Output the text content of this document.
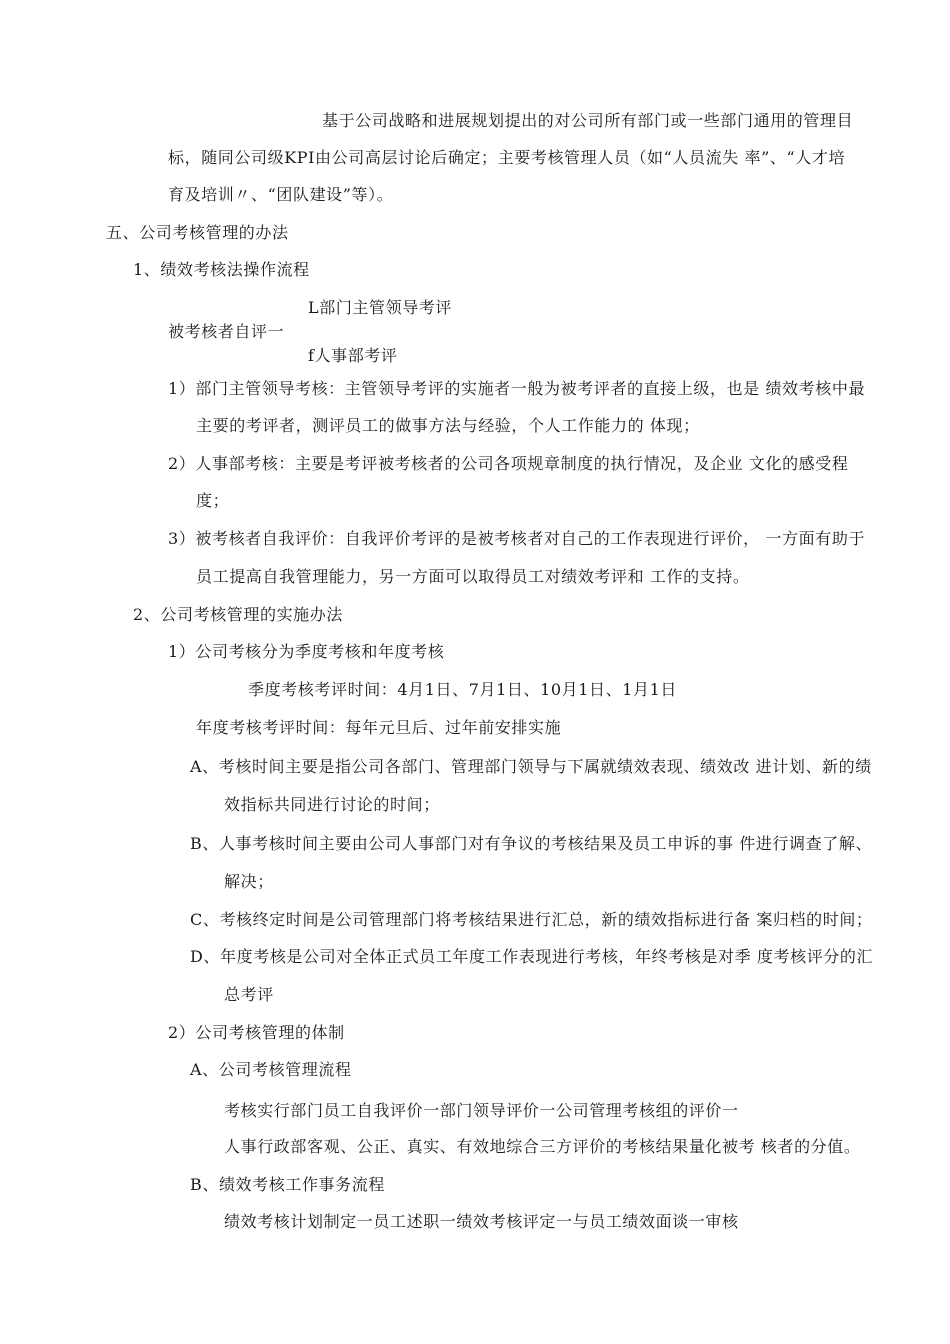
基于公司战略和进展规划提出的对公司所有部门或一些部门通用的管理目
标，随同公司级KPI由公司高层讨论后确定；主要考核管理人员（如“人员流失 率”、“人才培
育及培训〃、“团队建设”等）。
五、公司考核管理的办法
1、绩效考核法操作流程
L部门主管领导考评
被考核者自评一
f人事部考评
1）部门主管领导考核：主管领导考评的实施者一般为被考评者的直接上级，也是 绩效考核中最
主要的考评者，测评员工的做事方法与经验，个人工作能力的 体现；
2）人事部考核：主要是考评被考核者的公司各项规章制度的执行情况，及企业 文化的感受程
度；
3）被考核者自我评价：自我评价考评的是被考核者对自己的工作表现进行评价， 一方面有助于
员工提高自我管理能力，另一方面可以取得员工对绩效考评和 工作的支持。
2、公司考核管理的实施办法
1）公司考核分为季度考核和年度考核
季度考核考评时间：4月1日、7月1日、10月1日、1月1日
年度考核考评时间：每年元旦后、过年前安排实施
A、考核时间主要是指公司各部门、管理部门领导与下属就绩效表现、绩效改 进计划、新的绩
效指标共同进行讨论的时间；
B、人事考核时间主要由公司人事部门对有争议的考核结果及员工申诉的事 件进行调查了解、
解决；
C、考核终定时间是公司管理部门将考核结果进行汇总，新的绩效指标进行备 案归档的时间；
D、年度考核是公司对全体正式员工年度工作表现进行考核，年终考核是对季 度考核评分的汇
总考评
2）公司考核管理的体制
A、公司考核管理流程
考核实行部门员工自我评价一部门领导评价一公司管理考核组的评价一
人事行政部客观、公正、真实、有效地综合三方评价的考核结果量化被考 核者的分值。
B、绩效考核工作事务流程
绩效考核计划制定一员工述职一绩效考核评定一与员工绩效面谈一审核
